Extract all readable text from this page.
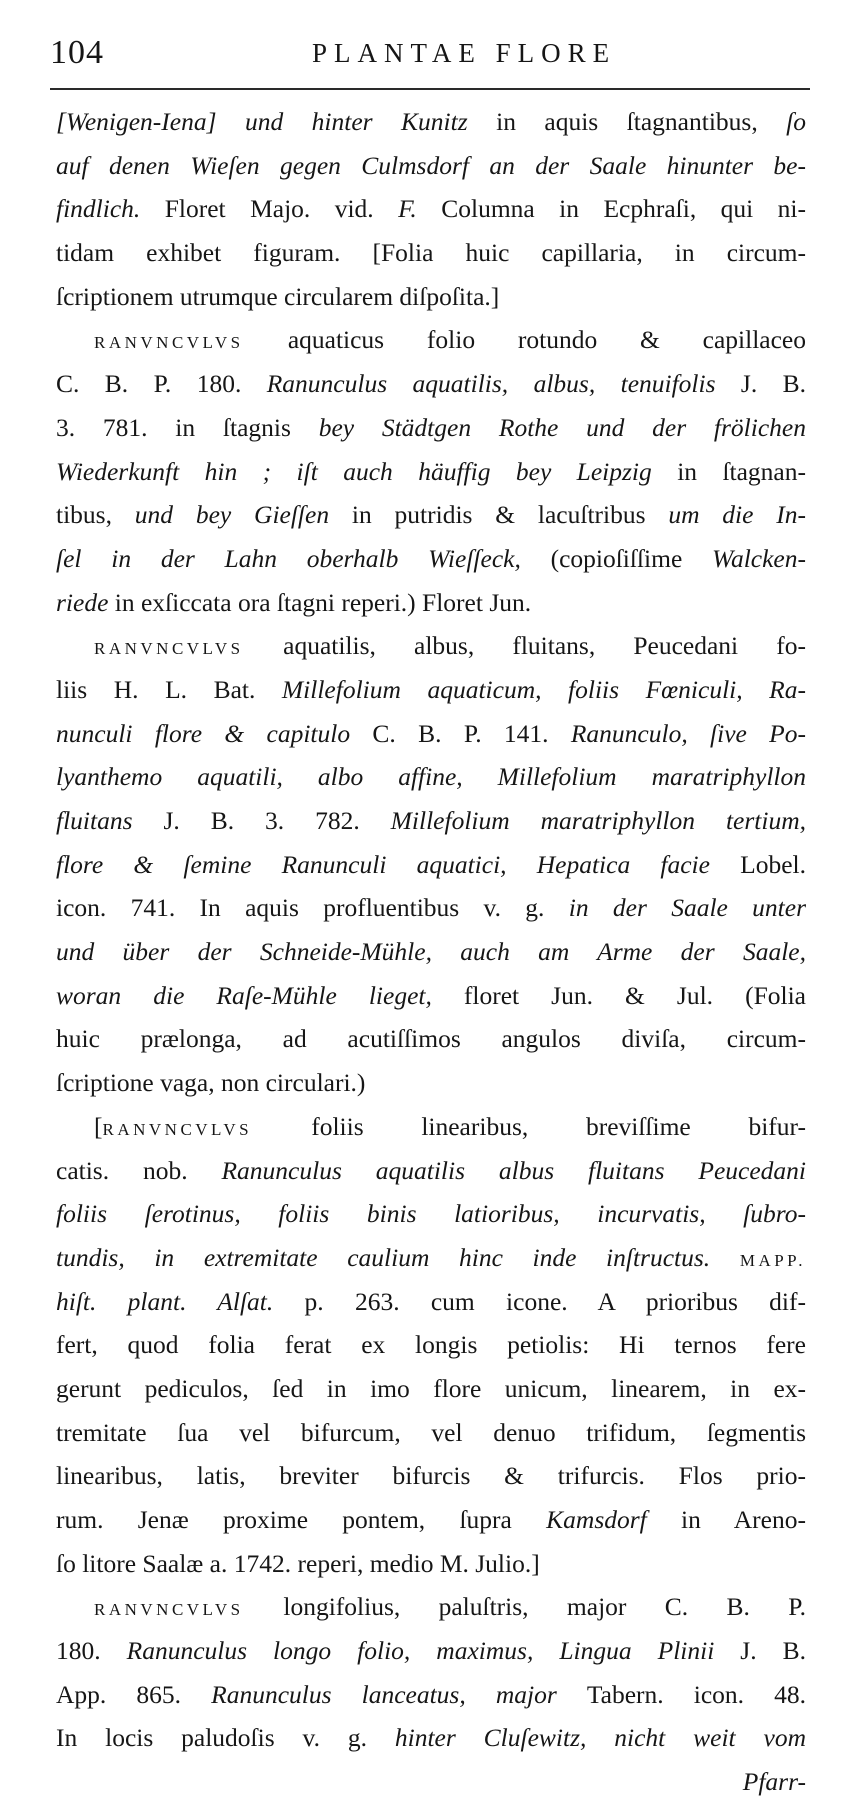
104	PLANTAE FLORE
[Wenigen-Iena] und hinter Kunitz in aquis ſtagnantibus, ſo
auf denen Wieſen gegen Culmsdorf an der Saale hinunter be-
findlich. Floret Majo. vid. F. Columna in Ecphraſi, qui ni-
tidam exhibet figuram. [Folia huic capillaria, in circum-
ſcriptionem utrumque circularem diſpoſita.]
RANVNCVLVS aquaticus folio rotundo & capillaceo
C. B. P. 180. Ranunculus aquatilis, albus, tenuifolis J. B.
3. 781. in ſtagnis bey Städtgen Rothe und der frölichen
Wiederkunft hin ; iſt auch häuffig bey Leipzig in ſtagnan-
tibus, und bey Gieſſen in putridis & lacuſtribus um die In-
ſel in der Lahn oberhalb Wieſſeck, (copioſiſſime Walcken-
riede in exſiccata ora ſtagni reperi.) Floret Jun.
RANVNCVLVS aquatilis, albus, fluitans, Peucedani fo-
liis H. L. Bat. Millefolium aquaticum, foliis Fœniculi, Ra-
nunculi flore & capitulo C. B. P. 141. Ranunculo, ſive Po-
lyanthemo aquatili, albo affine, Millefolium maratriphyllon
fluitans J. B. 3. 782. Millefolium maratriphyllon tertium,
flore & ſemine Ranunculi aquatici, Hepatica facie Lobel.
icon. 741. In aquis profluentibus v. g. in der Saale unter
und über der Schneide-Mühle, auch am Arme der Saale,
woran die Raſe-Mühle lieget, floret Jun. & Jul. (Folia
huic prælonga, ad acutiſſimos angulos diviſa, circum-
ſcriptione vaga, non circulari.)
[RANVNCVLVS foliis linearibus, breviſſime bifur-
catis. nob. Ranunculus aquatilis albus fluitans Peucedani
foliis ſerotinus, foliis binis latioribus, incurvatis, ſubro-
tundis, in extremitate caulium hinc inde inſtructus. MAPP.
hiſt. plant. Alſat. p. 263. cum icone. A prioribus dif-
fert, quod folia ferat ex longis petiolis: Hi ternos fere
gerunt pediculos, ſed in imo flore unicum, linearem, in ex-
tremitate ſua vel bifurcum, vel denuo trifidum, ſegmentis
linearibus, latis, breviter bifurcis & trifurcis. Flos prio-
rum. Jenæ proxime pontem, ſupra Kamsdorf in Areno-
ſo litore Saalæ a. 1742. reperi, medio M. Julio.]
RANVNCVLVS longifolius, paluſtris, major C. B. P.
180. Ranunculus longo folio, maximus, Lingua Plinii J. B.
App. 865. Ranunculus lanceatus, major Tabern. icon. 48.
In locis paludoſis v. g. hinter Cluſewitz, nicht weit vom
Pfarr-
